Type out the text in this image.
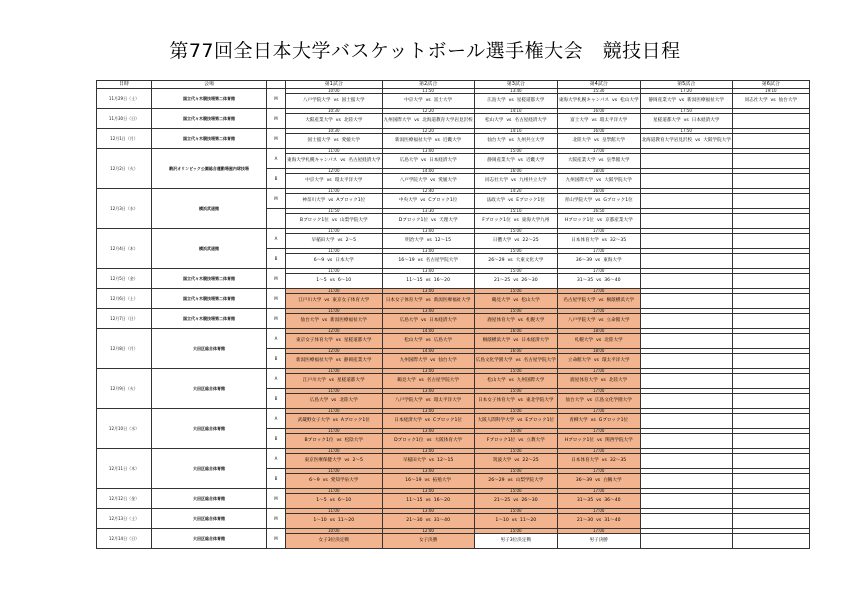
第77回全日本大学バスケットボール選手権大会　競技日程
日時	会場		第1試合	第2試合	第3試合	第4試合	第5試合	第6試合
11月29日（土）	国立代々木競技場第二体育館	M	10:00	11:50	13:40	15:30	17:20	19:10
			八戸学院大学 vs 国士舘大学	中京大学 vs 富士大学	広島大学 vs 星槎道都大学	東海大学札幌キャンパス vs 松山大学	静岡産業大学 vs 新潟医療福祉大学	同志社大学 vs 仙台大学
11月30日（日）	国立代々木競技場第二体育館	M	10:30	12:20	14:10	16:00	17:50	
			大阪産業大学 vs 北陸大学	九州国際大学 vs 北海道教育大学岩見沢校	松山大学 vs 名古屋経済大学	富士大学 vs 環太平洋大学	星槎道都大学 vs 日本経済大学	
12月1日（月）	国立代々木競技場第二体育館	M	10:30	12:20	14:10	16:00	17:50	
			国士舘大学 vs 愛媛大学	新潟医療福祉大学 vs 近畿大学	仙台大学 vs 九州共立大学	北陸大学 vs 皇學館大学	北海道教育大学岩見沢校 vs 大阪学院大学	
12月2日（火）	駒沢オリンピック公園総合運動場屋内球技場	A	11:00	13:00	15:00	17:00		
			東海大学札幌キャンパス vs 名古屋経済大学	広島大学 vs 日本経済大学	静岡産業大学 vs 近畿大学	大阪産業大学 vs 皇學館大学		
		B	12:00	14:00	16:00	18:00		
			中京大学 vs 環太平洋大学	八戸学院大学 vs 愛媛大学	同志社大学 vs 九州共立大学	九州国際大学 vs 大阪学院大学		
12月3日（水）	横浜武道館	M	11:00	12:40	14:20	16:00		
			神奈川大学 vs Aブロック1位	中央大学 vs Cブロック1位	法政大学 vs Eブロック1位	青山学院大学 vs Gブロック1位		
			11:50	13:30	15:10	16:50		
			Bブロック1位 vs 山梨学院大学	Dブロック1位 vs 天理大学	Fブロック1位 vs 東海大学九州	Hブロック1位 vs 京都産業大学		
12月4日（木）	横浜武道館	A	11:00	13:00	15:00	17:00		
			早稲田大学 vs 2～5	明治大学 vs 12～15	日體大学 vs 22～25	日本体育大学 vs 32～35		
		B	11:00	13:00	15:00	17:00		
			6～9 vs 日本大学	16～19 vs 名古屋学院大学	26～29 vs 大東文化大学	36～39 vs 東海大学		
12月5日（金）	国立代々木競技場第二体育館	M	11:00	13:00	15:00	17:00		
			1～5 vs 6～10	11～15 vs 16～20	21～25 vs 26～30	31～35 vs 36～40		
12月6日（土）	国立代々木競技場第二体育館	M	11:00	13:00	15:00	17:00		
			江戸川大学 vs 東京女子体育大学	日本女子体育大学 vs 新潟医療福祉大学	鶴見大学 vs 松山大学	名古屋学院大学 vs 桐蔭横浜大学		
12月7日（日）	国立代々木競技場第二体育館	M	11:00	13:00	15:00	17:00		
			仙台大学 vs 新潟医療福祉大学	広島大学 vs 日本経済大学	鹿屋体育大学 vs 札幌大学	八戸学院大学 vs 立命館大学		
12月8日（月）	大田区総合体育館	A	12:00	14:00	16:00	18:00		
			東京女子体育大学 vs 星槎道都大学	松山大学 vs 広島大学	桐蔭横浜大学 vs 日本経済大学	札幌大学 vs 北陸大学		
		B	12:00	14:00	16:00	18:00		
			新潟医療福祉大学 vs 静岡産業大学	九州国際大学 vs 仙台大学	広島文化学園大学 vs 名古屋学院大学	立命館大学 vs 環太平洋大学		
12月9日（火）	大田区総合体育館	A	11:00	13:00	15:00	17:00		
			江戸川大学 vs 星槎道都大学	鶴見大学 vs 名古屋学院大学	松山大学 vs 九州国際大学	鹿屋体育大学 vs 北陸大学		
		B	11:00	13:00	15:00	17:00		
			広島大学 vs 北陸大学	八戸学院大学 vs 環太平洋大学	日本女子体育大学 vs 東北学院大学	仙台大学 vs 広島文化学園大学		
12月10日（水）	大田区総合体育館	A	11:00	13:00	15:00	17:00		
			武蔵野女子大学 vs Aブロック1位	日本経済大学 vs Cブロック1位	大阪人間科学大学 vs Eブロック1位	青柳大学 vs Gブロック1位		
		B	11:00	13:00	15:00	17:00		
			Bブロック1位 vs 松陰大学	Dブロック1位 vs 大阪体育大学	Fブロック1位 vs 立教大学	Hブロック1位 vs 関西学院大学		
12月11日（木）	大田区総合体育館	A	11:00	13:00	15:00	17:00		
			東京医療保健大学 vs 2～5	早稲田大学 vs 12～15	筑波大学 vs 22～25	日本体育大学 vs 32～35		
		B	11:00	13:00	15:00	17:00		
			6～9 vs 愛知学泉大学	16～19 vs 拓殖大学	26～29 vs 山梨学院大学	36～39 vs 白鷗大学		
12月12日（金）	大田区総合体育館	M	11:00	13:00	15:00	17:00		
			1～5 vs 6～10	11～15 vs 16～20	21～25 vs 26～30	31～35 vs 36～40		
12月13日（土）	大田区総合体育館	M	11:00	13:00	15:00	17:00		
			1～10 vs 11～20	21～30 vs 31～40	1～10 vs 11～20	21～30 vs 31～40		
12月14日（日）	大田区総合体育館	M	10:00	12:00	15:00	17:00		
			女子3位決定戦	女子決勝	男子3位決定戦	男子決勝		
